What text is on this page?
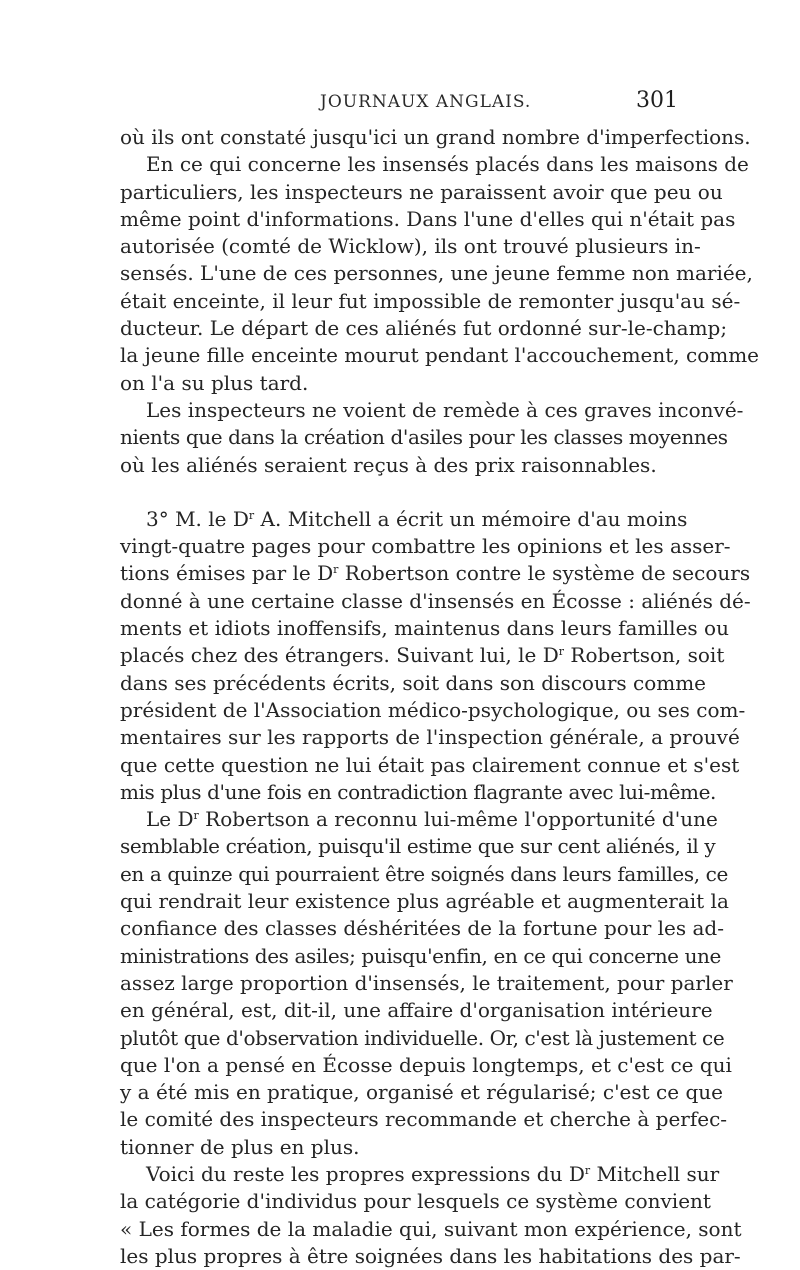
JOURNAUX ANGLAIS.	301
où ils ont constaté jusqu'ici un grand nombre d'imperfections.
En ce qui concerne les insensés placés dans les maisons de
particuliers, les inspecteurs ne paraissent avoir que peu ou
même point d'informations. Dans l'une d'elles qui n'était pas
autorisée (comté de Wicklow), ils ont trouvé plusieurs in-
sensés. L'une de ces personnes, une jeune femme non mariée,
était enceinte, il leur fut impossible de remonter jusqu'au sé-
ducteur. Le départ de ces aliénés fut ordonné sur-le-champ;
la jeune fille enceinte mourut pendant l'accouchement, comme
on l'a su plus tard.
Les inspecteurs ne voient de remède à ces graves inconvé-
nients que dans la création d'asiles pour les classes moyennes
où les aliénés seraient reçus à des prix raisonnables.
3° M. le $D^r$ A. Mitchell a écrit un mémoire d'au moins
vingt-quatre pages pour combattre les opinions et les asser-
tions émises par le $D^r$ Robertson contre le système de secours
donné à une certaine classe d'insensés en Écosse : aliénés dé-
ments et idiots inoffensifs, maintenus dans leurs familles ou
placés chez des étrangers. Suivant lui, le $D^r$ Robertson, soit
dans ses précédents écrits, soit dans son discours comme
président de l'Association médico-psychologique, ou ses com-
mentaires sur les rapports de l'inspection générale, a prouvé
que cette question ne lui était pas clairement connue et s'est
mis plus d'une fois en contradiction flagrante avec lui-même.
Le $D^r$ Robertson a reconnu lui-même l'opportunité d'une
semblable création, puisqu'il estime que sur cent aliénés, il y
en a quinze qui pourraient être soignés dans leurs familles, ce
qui rendrait leur existence plus agréable et augmenterait la
confiance des classes déshéritées de la fortune pour les ad-
ministrations des asiles; puisqu'enfin, en ce qui concerne une
assez large proportion d'insensés, le traitement, pour parler
en général, est, dit-il, une affaire d'organisation intérieure
plutôt que d'observation individuelle. Or, c'est là justement ce
que l'on a pensé en Écosse depuis longtemps, et c'est ce qui
y a été mis en pratique, organisé et régularisé; c'est ce que
le comité des inspecteurs recommande et cherche à perfec-
tionner de plus en plus.
Voici du reste les propres expressions du $D^r$ Mitchell sur
la catégorie d'individus pour lesquels ce système convient
« Les formes de la maladie qui, suivant mon expérience, sont
les plus propres à être soignées dans les habitations des par-
